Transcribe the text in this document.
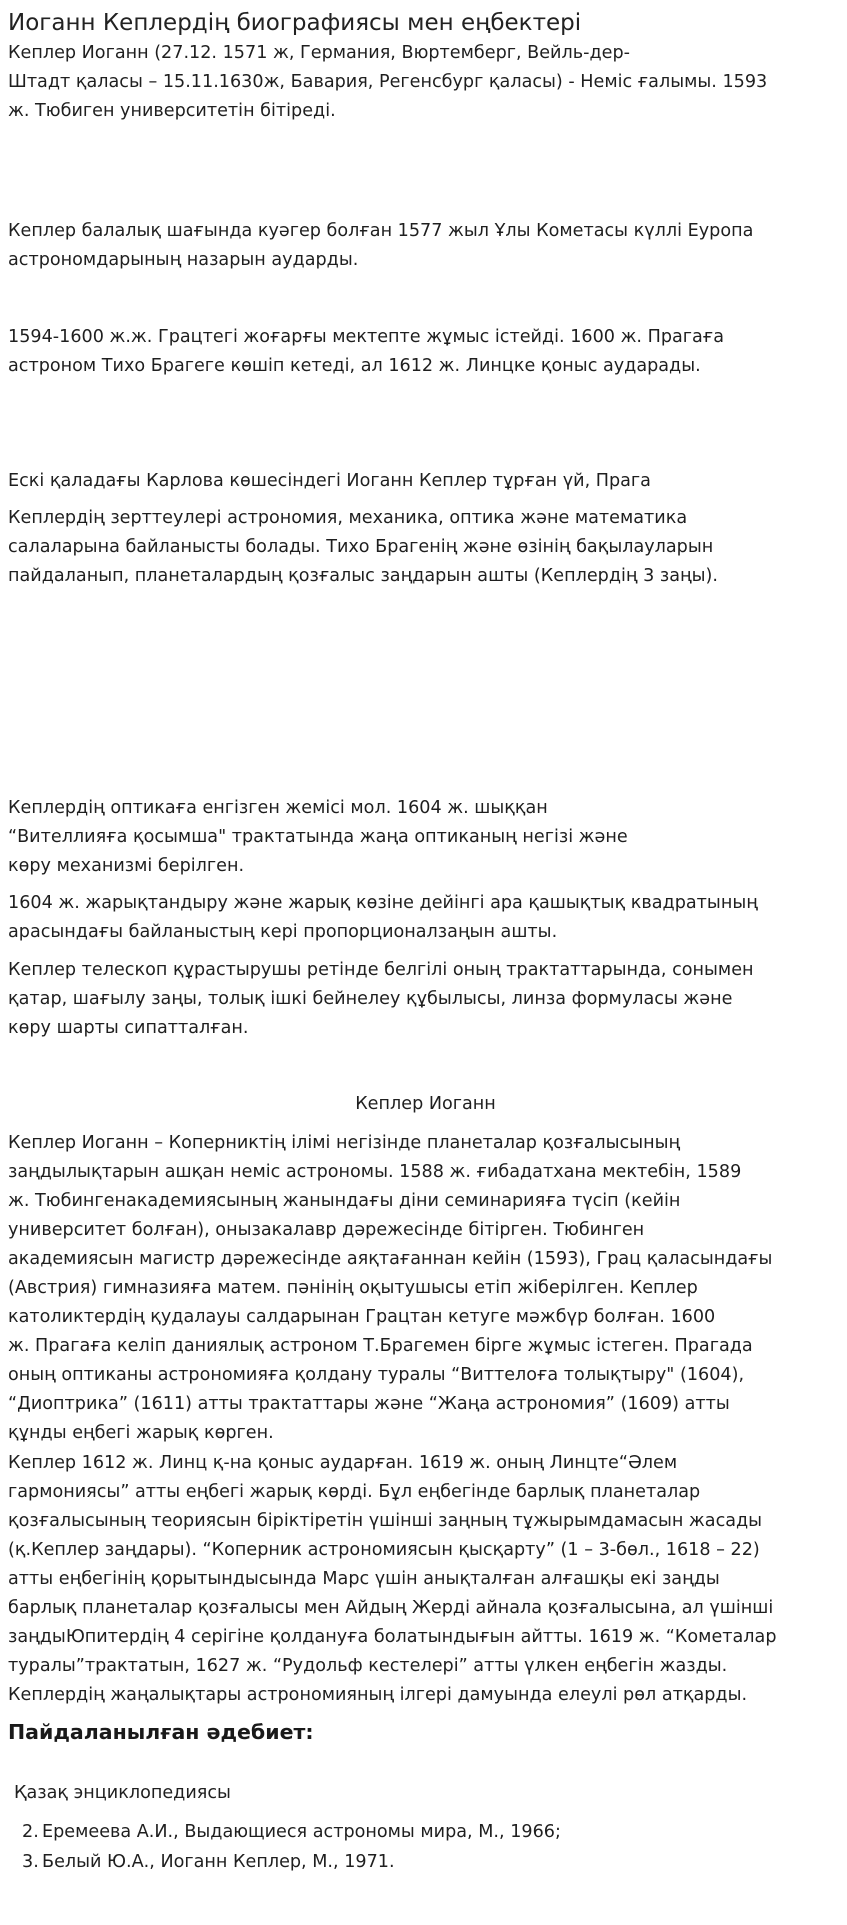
Иоганн Кеплердің биографиясы мен еңбектері

Кеплер Иоганн (27.12. 1571 ж, Германия, Вюртемберг, Вейль-дер-
Штадт қаласы – 15.11.1630ж, Бавария, Регенсбург қаласы) - Неміс ғалымы. 1593
ж. Тюбиген университетін бітіреді.

Кеплер балалық шағында куәгер болған 1577 жыл Ұлы Кометасы күллі Еуропа
астрономдарының назарын аударды.

1594-1600 ж.ж. Грацтегі жоғарғы мектепте жұмыс істейді. 1600 ж. Прагаға
астроном Тихо Брагеге көшіп кетеді, ал 1612 ж. Линцке қоныс аударады.

Ескі қаладағы Карлова көшесіндегі Иоганн Кеплер тұрған үй, Прага

Кеплердің зерттеулері астрономия, механика, оптика және математика
салаларына байланысты болады. Тихо Брагенің және өзінің бақылауларын
пайдаланып, планеталардың қозғалыс заңдарын ашты (Кеплердің 3 заңы).

Кеплердің оптикаға енгізген жемісі мол. 1604 ж. шыққан
“Вителлияға қосымша" трактатында жаңа оптиканың негізі және
көру механизмі берілген.

1604 ж. жарықтандыру және жарық көзіне дейінгі ара қашықтық квадратының
арасындағы байланыстың кері пропорционалзаңын ашты.

Кеплер телескоп құрастырушы ретінде белгілі оның трактаттарында, сонымен
қатар, шағылу заңы, толық ішкі бейнелеу құбылысы, линза формуласы және
көру шарты сипатталған.

Кеплер Иоганн

Кеплер Иоганн – Коперниктің ілімі негізінде планеталар қозғалысының
заңдылықтарын ашқан неміс астрономы. 1588 ж. ғибадатхана мектебін, 1589
ж. Тюбингенакадемиясының жанындағы діни семинарияға түсіп (кейін
университет болған), онызакалавр дәрежесінде бітірген. Тюбинген
академиясын магистр дәрежесінде аяқтағаннан кейін (1593), Грац қаласындағы
(Австрия) гимназияға матем. пәнінің оқытушысы етіп жіберілген. Кеплер
католиктердің қудалауы салдарынан Грацтан кетуге мәжбүр болған. 1600
ж. Прагаға келіп даниялық астроном Т.Брагемен бірге жұмыс істеген. Прагада
оның оптиканы астрономияға қолдану туралы “Виттелоға толықтыру" (1604),
“Диоптрика” (1611) атты трактаттары және “Жаңа астрономия” (1609) атты
құнды еңбегі жарық көрген.

Кеплер 1612 ж. Линц қ-на қоныс аударған. 1619 ж. оның Линцте“Әлем
гармониясы” атты еңбегі жарық көрді. Бұл еңбегінде барлық планеталар
қозғалысының теориясын біріктіретін үшінші заңның тұжырымдамасын жасады
(қ.Кеплер заңдары). “Коперник астрономиясын қысқарту” (1 – 3-бөл., 1618 – 22)
атты еңбегінің қорытындысында Марс үшін анықталған алғашқы екі заңды
барлық планеталар қозғалысы мен Айдың Жерді айнала қозғалысына, ал үшінші
заңдыЮпитердің 4 серігіне қолдануға болатындығын айтты. 1619 ж. “Кометалар
туралы”трактатын, 1627 ж. “Рудольф кестелері” атты үлкен еңбегін жазды.
Кеплердің жаңалықтары астрономияның ілгері дамуында елеулі рөл атқарды.

Пайдаланылған әдебиет:
Қазақ энциклопедиясы
2. Еремеева А.И., Выдающиеся астрономы мира, М., 1966;
3. Белый Ю.А., Иоганн Кеплер, М., 1971.
